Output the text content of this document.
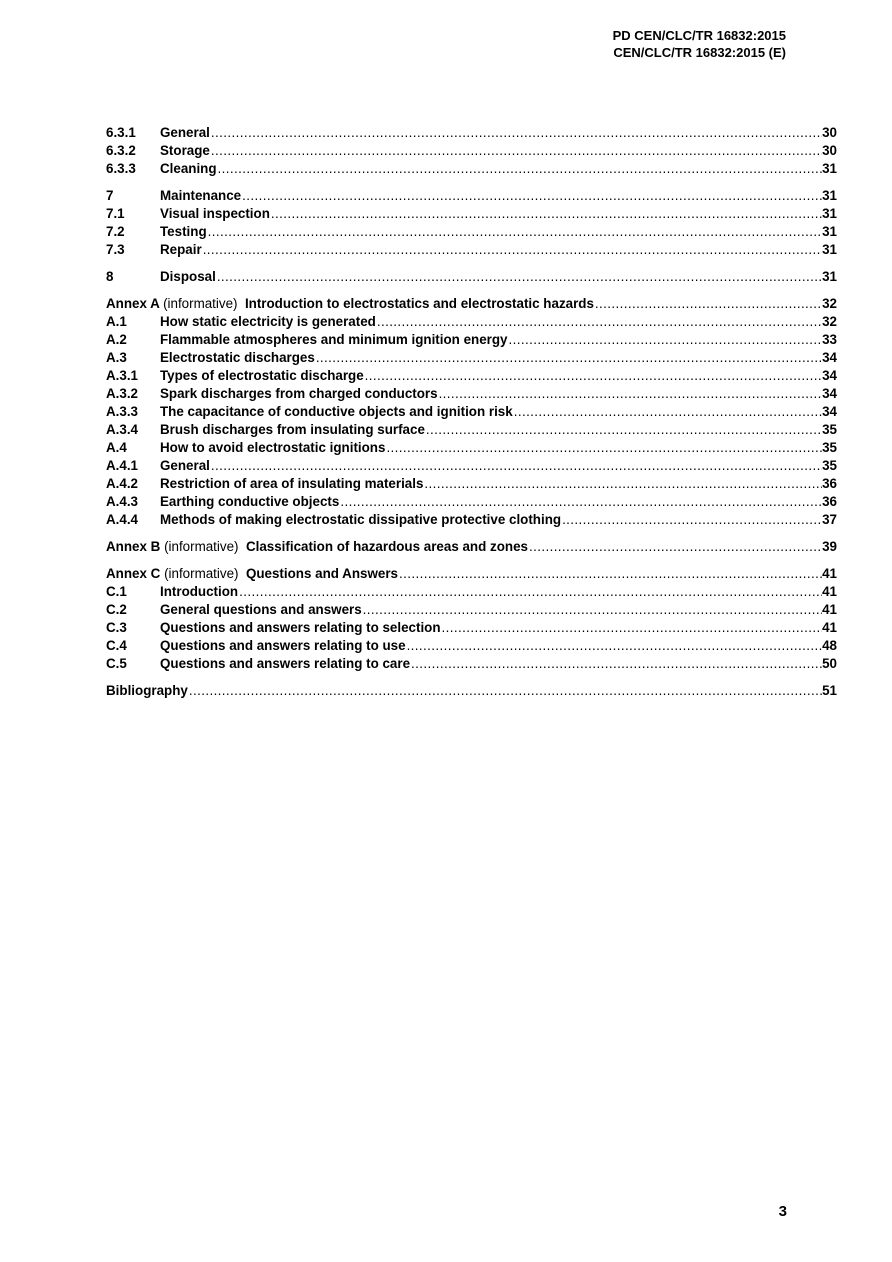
PD CEN/CLC/TR 16832:2015
CEN/CLC/TR 16832:2015 (E)
6.3.1	General .....	30
6.3.2	Storage .....	30
6.3.3	Cleaning .....	31
7	Maintenance .....	31
7.1	Visual inspection .....	31
7.2	Testing .....	31
7.3	Repair .....	31
8	Disposal .....	31
Annex A (informative) Introduction to electrostatics and electrostatic hazards .....	32
A.1	How static electricity is generated .....	32
A.2	Flammable atmospheres and minimum ignition energy .....	33
A.3	Electrostatic discharges .....	34
A.3.1	Types of electrostatic discharge .....	34
A.3.2	Spark discharges from charged conductors .....	34
A.3.3	The capacitance of conductive objects and ignition risk .....	34
A.3.4	Brush discharges from insulating surface .....	35
A.4	How to avoid electrostatic ignitions .....	35
A.4.1	General .....	35
A.4.2	Restriction of area of insulating materials .....	36
A.4.3	Earthing conductive objects .....	36
A.4.4	Methods of making electrostatic dissipative protective clothing .....	37
Annex B (informative) Classification of hazardous areas and zones .....	39
Annex C (informative) Questions and Answers .....	41
C.1	Introduction .....	41
C.2	General questions and answers .....	41
C.3	Questions and answers relating to selection .....	41
C.4	Questions and answers relating to use .....	48
C.5	Questions and answers relating to care .....	50
Bibliography .....	51
3
